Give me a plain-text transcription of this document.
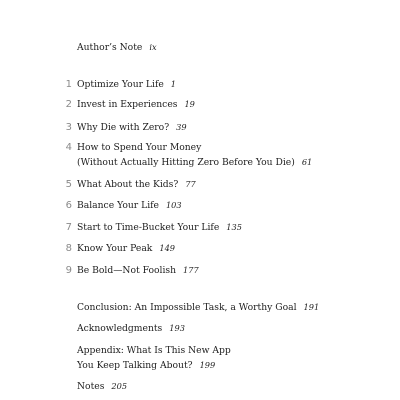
Author’s Note ix
1 Optimize Your Life 1
2 Invest in Experiences 19
3 Why Die with Zero? 39
4 How to Spend Your Money
(Without Actually Hitting Zero Before You Die) 61
5 What About the Kids? 77
6 Balance Your Life 103
7 Start to Time-Bucket Your Life 135
8 Know Your Peak 149
9 Be Bold—Not Foolish 177
Conclusion: An Impossible Task, a Worthy Goal 191
Acknowledgments 193
Appendix: What Is This New App
You Keep Talking About? 199
Notes 205
